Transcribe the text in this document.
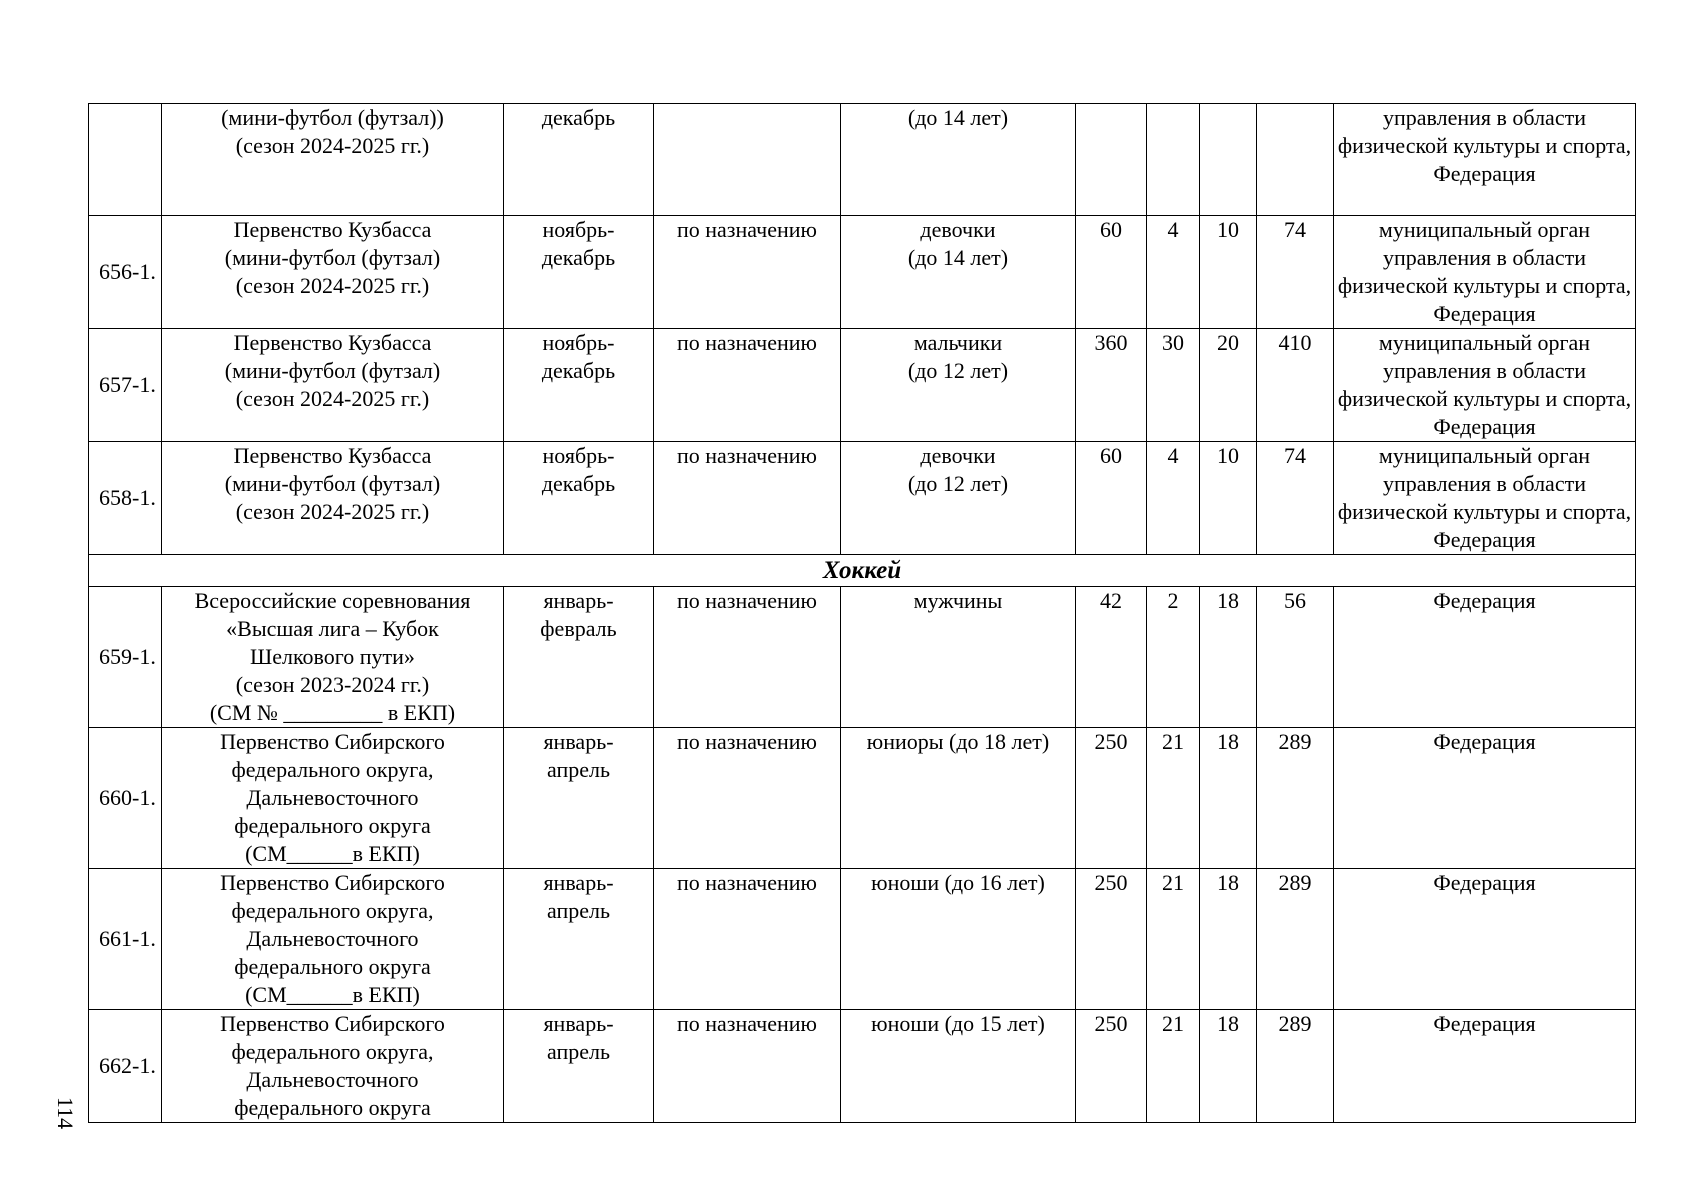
	(мини-футбол (футзал))
(сезон 2024-2025 гг.)	декабрь		(до 14 лет)					управления в области физической культуры и спорта, Федерация
656-1.	Первенство Кузбасса
(мини-футбол (футзал)
(сезон 2024-2025 гг.)	ноябрь-
декабрь	по назначению	девочки
(до 14 лет)	60	4	10	74	муниципальный орган управления в области физической культуры и спорта, Федерация
657-1.	Первенство Кузбасса
(мини-футбол (футзал)
(сезон 2024-2025 гг.)	ноябрь-
декабрь	по назначению	мальчики
(до 12 лет)	360	30	20	410	муниципальный орган управления в области физической культуры и спорта, Федерация
658-1.	Первенство Кузбасса
(мини-футбол (футзал)
(сезон 2024-2025 гг.)	ноябрь-
декабрь	по назначению	девочки
(до 12 лет)	60	4	10	74	муниципальный орган управления в области физической культуры и спорта, Федерация
Хоккей									
659-1.	Всероссийские соревнования
«Высшая лига – Кубок
Шелкового пути»
(сезон 2023-2024 гг.)
(СМ № _________ в ЕКП)	январь-
февраль	по назначению	мужчины	42	2	18	56	Федерация
660-1.	Первенство Сибирского
федерального округа,
Дальневосточного
федерального округа
(СМ______в ЕКП)	январь-
апрель	по назначению	юниоры (до 18 лет)	250	21	18	289	Федерация
661-1.	Первенство Сибирского
федерального округа,
Дальневосточного
федерального округа
(СМ______в ЕКП)	январь-
апрель	по назначению	юноши (до 16 лет)	250	21	18	289	Федерация
662-1.	Первенство Сибирского
федерального округа,
Дальневосточного
федерального округа	январь-
апрель	по назначению	юноши (до 15 лет)	250	21	18	289	Федерация
114
